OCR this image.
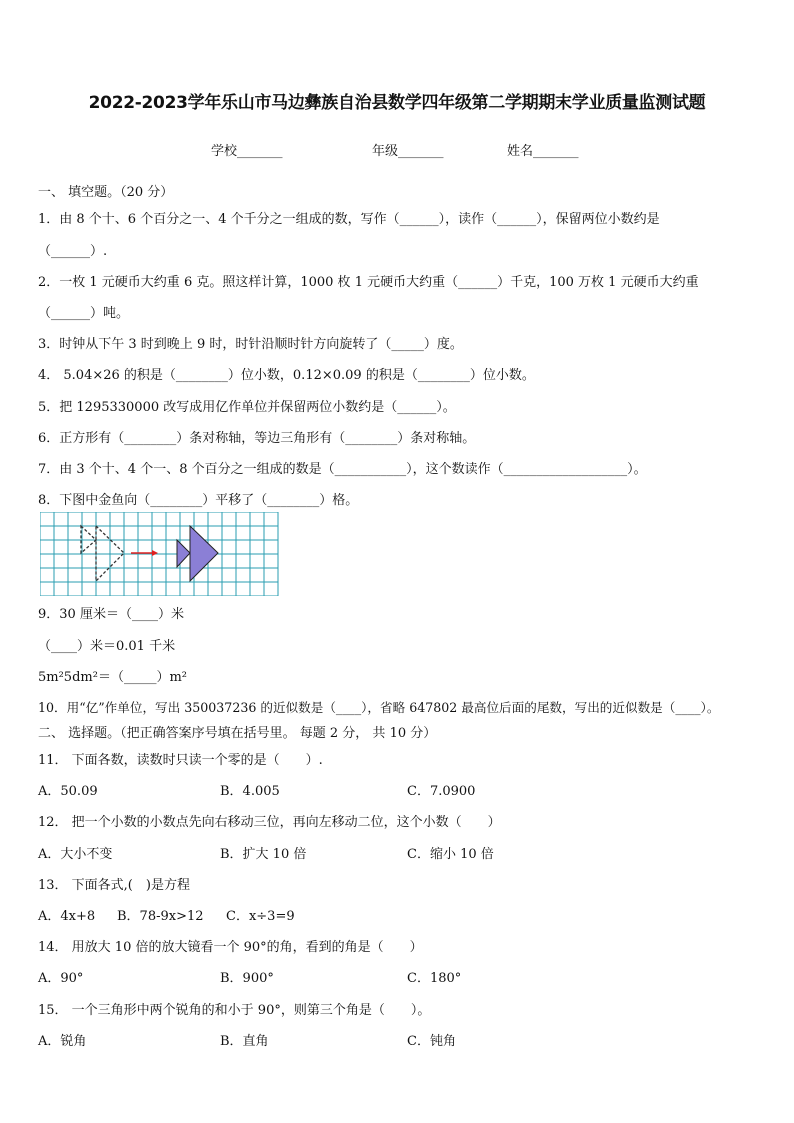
2022-2023学年乐山市马边彝族自治县数学四年级第二学期期末学业质量监测试题
学校_______	年级_______	姓名_______
一、 填空题。（20 分）
1．由 8 个十、6 个百分之一、4 个千分之一组成的数，写作（______），读作（______），保留两位小数约是
（______）.
2．一枚 1 元硬币大约重 6 克。照这样计算，1000 枚 1 元硬币大约重（______）千克，100 万枚 1 元硬币大约重
（______）吨。
3．时钟从下午 3 时到晚上 9 时，时针沿顺时针方向旋转了（_____）度。
4． 5.04×26 的积是（________）位小数，0.12×0.09 的积是（________）位小数。
5．把 1295330000 改写成用亿作单位并保留两位小数约是（______）。
6．正方形有（________）条对称轴，等边三角形有（________）条对称轴。
7．由 3 个十、4 个一、8 个百分之一组成的数是（___________），这个数读作（___________________）。
8．下图中金鱼向（________）平移了（________）格。
9．30 厘米＝（____）米
（____）米＝0.01 千米
5m²5dm²＝（_____）m²
10．用“亿”作单位，写出 350037236 的近似数是（____），省略 647802 最高位后面的尾数，写出的近似数是（____）。
二、 选择题。（把正确答案序号填在括号里。 每题 2 分， 共 10 分）
11． 下面各数，读数时只读一个零的是（　　）.
A．50.09	B．4.005	C．7.0900
12． 把一个小数的小数点先向右移动三位，再向左移动二位，这个小数（　　）
A．大小不变	B．扩大 10 倍	C．缩小 10 倍
13． 下面各式,(　)是方程
A．4x+8 B．78-9x>12 C．x÷3=9
14． 用放大 10 倍的放大镜看一个 90°的角，看到的角是（　　）
A．90°	B．900°	C．180°
15． 一个三角形中两个锐角的和小于 90°，则第三个角是（　　）。
A．锐角	B．直角	C．钝角
